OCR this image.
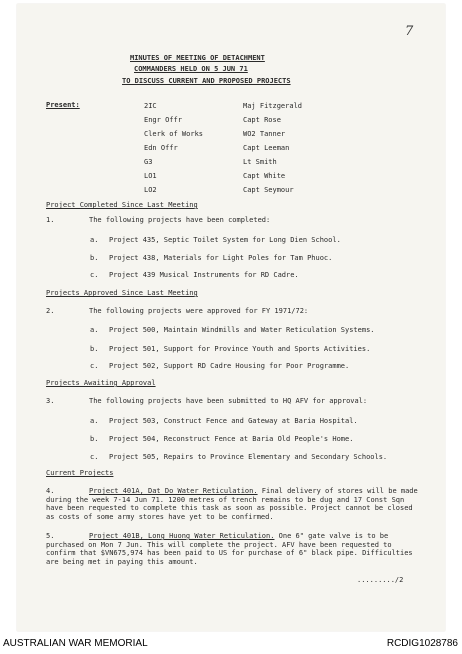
7
MINUTES OF MEETING OF DETACHMENT
COMMANDERS HELD ON 5 JUN 71
TO DISCUSS CURRENT AND PROPOSED PROJECTS
Present:	2IC	Maj Fitzgerald
Engr Offr	Capt Rose
Clerk of Works	WO2 Tanner
Edn Offr	Capt Leeman
G3	Lt Smith
LO1	Capt White
LO2	Capt Seymour
Project Completed Since Last Meeting
1.	The following projects have been completed:
a. Project 435, Septic Toilet System for Long Dien School.
b. Project 438, Materials for Light Poles for Tam Phuoc.
c. Project 439 Musical Instruments for RD Cadre.
Projects Approved Since Last Meeting
2.	The following projects were approved for FY 1971/72:
a. Project 500, Maintain Windmills and Water Reticulation Systems.
b. Project 501, Support for Province Youth and Sports Activities.
c. Project 502, Support RD Cadre Housing for Poor Programme.
Projects Awaiting Approval
3.	The following projects have been submitted to HQ AFV for approval:
a. Project 503, Construct Fence and Gateway at Baria Hospital.
b. Project 504, Reconstruct Fence at Baria Old People's Home.
c. Project 505, Repairs to Province Elementary and Secondary Schools.
Current Projects
4.	Project 401A, Dat Do Water Reticulation. Final delivery of stores will be made during the week 7-14 Jun 71. 1200 metres of trench remains to be dug and 17 Const Sqn have been requested to complete this task as soon as possible. Project cannot be closed as costs of some army stores have yet to be confirmed.
5.	Project 401B, Long Huong Water Reticulation. One 6" gate valve is to be purchased on Mon 7 Jun. This will complete the project. AFV have been requested to confirm that $VN675,974 has been paid to US for purchase of 6" black pipe. Difficulties are being met in paying this amount.
........./2
AUSTRALIAN WAR MEMORIAL	RCDIG1028786
